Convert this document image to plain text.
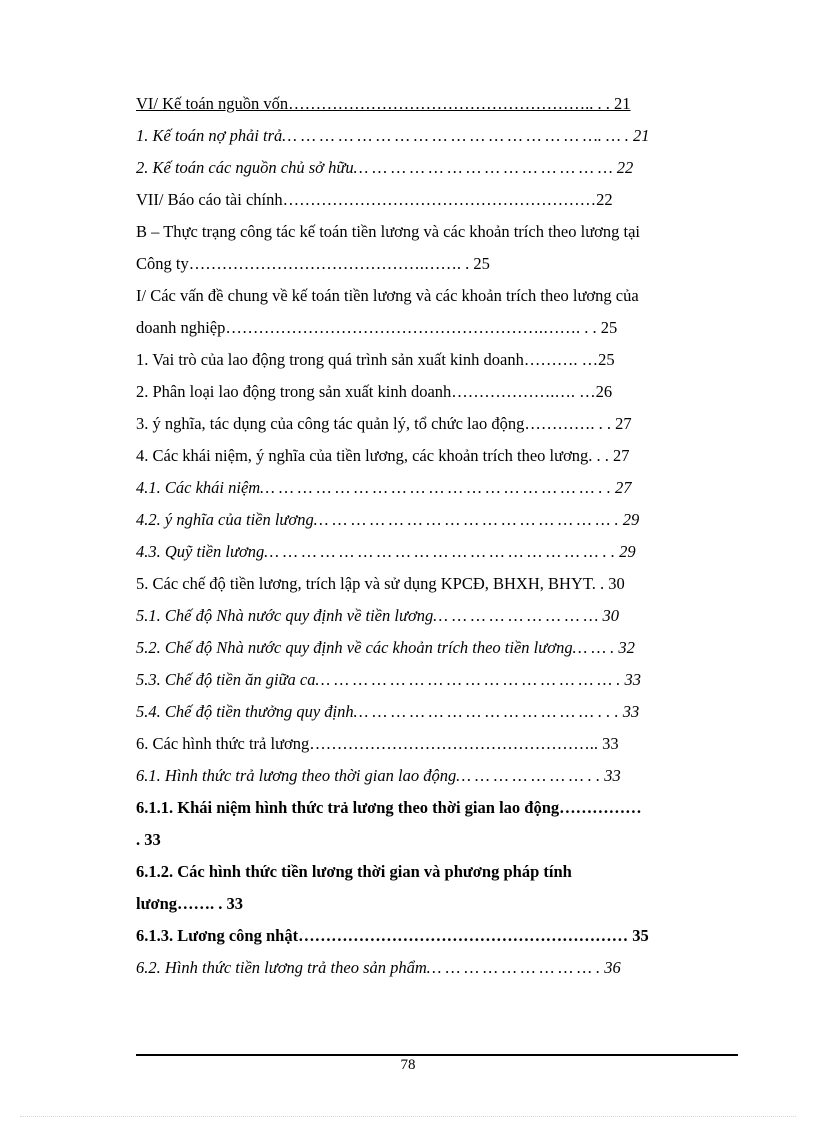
VI/ Kế toán nguồn vốn……………………………………………….. . . 21
1. Kế toán nợ phải trả… … … … … … … … … … … … … … … … …. … . 21
2. Kế toán các nguồn chủ sở hữu… … … … … … … … … … … … … … 22
VII/ Báo cáo tài chính…………………………………………………22
B – Thực trạng công tác kế toán tiền lương và các khoản trích theo lương tại
Công ty…………………………………….……. . 25
I/ Các vấn đề chung về kế toán tiền lương và các khoản trích theo lương của
doanh nghiệp………………………………………………….……. . . 25
1. Vai trò của lao động trong quá trình sản xuất kinh doanh………. …25
2. Phân loại lao động trong sản xuất kinh doanh……………….…. …26
3. ý nghĩa, tác dụng của công tác quản lý, tổ chức lao động…………. . . 27
4. Các khái niệm, ý nghĩa của tiền lương, các khoản trích theo lương. . . 27
4.1. Các khái niệm… … … … … … … … … … … … … … … … … … . . 27
4.2. ý nghĩa của tiền lương… … … … … … … … … … … … … … … … . 29
4.3. Quỹ tiền lương… … … … … … … … … … … … … … … … … … . . 29
5. Các chế độ tiền lương, trích lập và sử dụng KPCĐ, BHXH, BHYT. . 30
5.1. Chế độ Nhà nước quy định về tiền lương… … … … … … … … … 30
5.2. Chế độ Nhà nước quy định về các khoản trích theo tiền lương… … . 32
5.3. Chế độ tiền ăn giữa ca… … … … … … … … … … … … … … … … . 33
5.4. Chế độ tiền thưởng quy định… … … … … … … … … … … … … . . . 33
6. Các hình thức trả lương…………………………………………….. 33
6.1. Hình thức trả lương theo thời gian lao động… … … … … … … . . 33
6.1.1. Khái niệm hình thức trả lương theo thời gian lao động……………
. 33
6.1.2. Các hình thức tiền lương thời gian và phương pháp tính
lương……. . 33
6.1.3. Lương công nhật…………………………………………………… 35
6.2. Hình thức tiền lương trả theo sản phẩm… … … … … … … … … . 36
78
